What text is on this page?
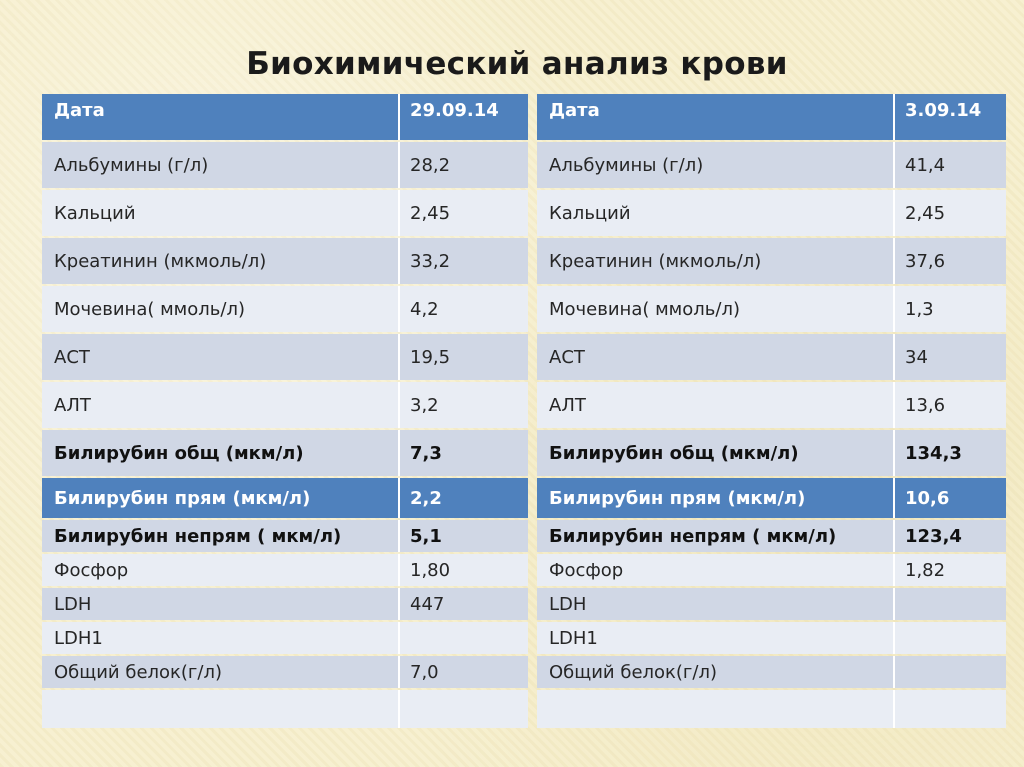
Биохимический анализ крови
Дата	29.09.14
Альбумины (г/л)	28,2
Кальций	2,45
Креатинин (мкмоль/л)	33,2
Мочевина( ммоль/л)	4,2
АСТ	19,5
АЛТ	3,2
Билирубин общ (мкм/л)	7,3
Билирубин прям (мкм/л)	2,2
Билирубин непрям ( мкм/л)	5,1
Фосфор	1,80
LDH	447
LDH1	
Общий белок(г/л)	7,0

Дата	3.09.14
Альбумины (г/л)	41,4
Кальций	2,45
Креатинин (мкмоль/л)	37,6
Мочевина( ммоль/л)	1,3
АСТ	34
АЛТ	13,6
Билирубин общ (мкм/л)	134,3
Билирубин прям (мкм/л)	10,6
Билирубин непрям ( мкм/л)	123,4
Фосфор	1,82
LDH	
LDH1	
Общий белок(г/л)	
